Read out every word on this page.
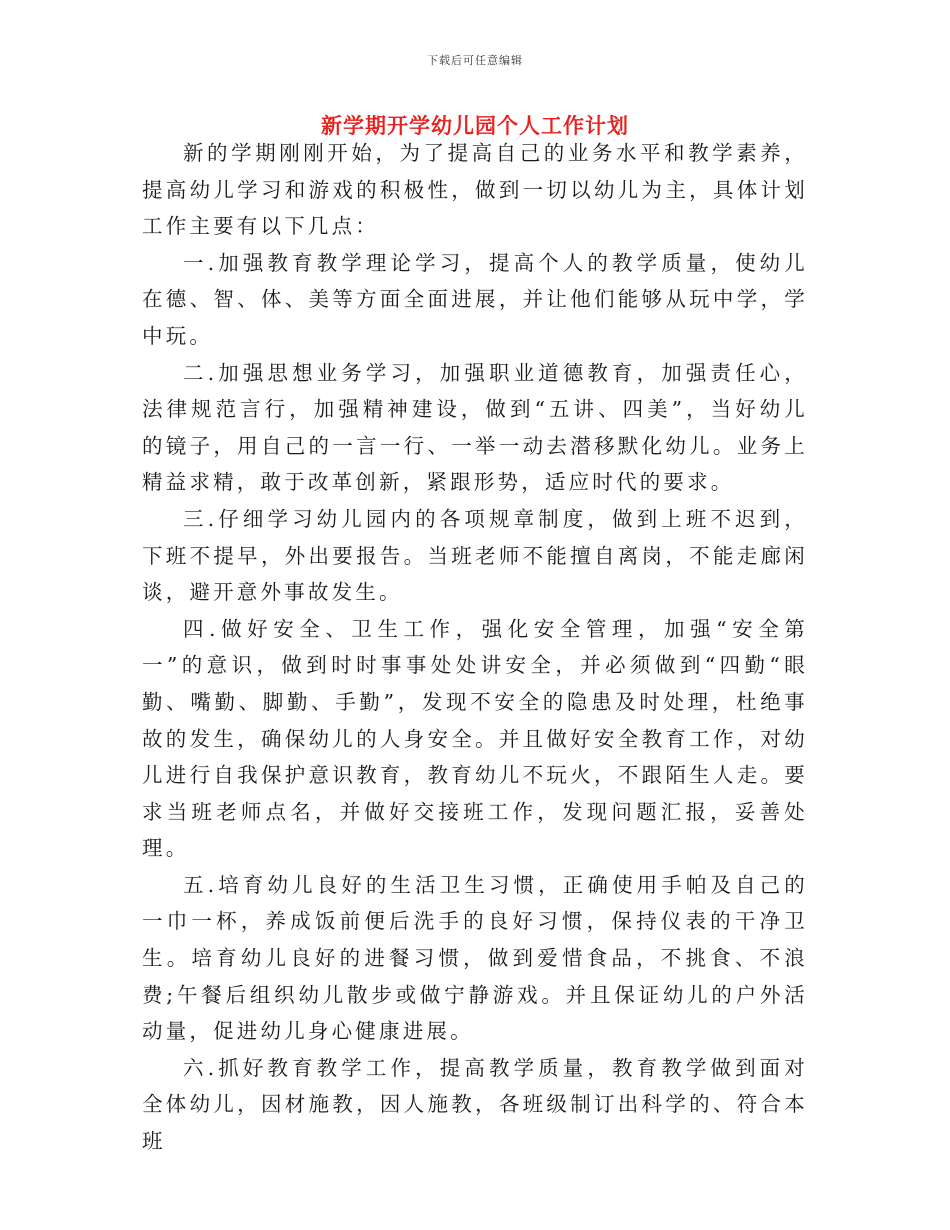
下载后可任意编辑
新学期开学幼儿园个人工作计划

新的学期刚刚开始，为了提高自己的业务水平和教学素养，提高幼儿学习和游戏的积极性，做到一切以幼儿为主，具体计划工作主要有以下几点：

一.加强教育教学理论学习，提高个人的教学质量，使幼儿在德、智、体、美等方面全面进展，并让他们能够从玩中学，学中玩。

二.加强思想业务学习，加强职业道德教育，加强责任心，法律规范言行，加强精神建设，做到“五讲、四美”，当好幼儿的镜子，用自己的一言一行、一举一动去潜移默化幼儿。业务上精益求精，敢于改革创新，紧跟形势，适应时代的要求。

三.仔细学习幼儿园内的各项规章制度，做到上班不迟到，下班不提早，外出要报告。当班老师不能擅自离岗，不能走廊闲谈，避开意外事故发生。

四.做好安全、卫生工作，强化安全管理，加强“安全第一”的意识，做到时时事事处处讲安全，并必须做到“四勤“眼勤、嘴勤、脚勤、手勤”，发现不安全的隐患及时处理，杜绝事故的发生，确保幼儿的人身安全。并且做好安全教育工作，对幼儿进行自我保护意识教育，教育幼儿不玩火，不跟陌生人走。要求当班老师点名，并做好交接班工作，发现问题汇报，妥善处理。

五.培育幼儿良好的生活卫生习惯，正确使用手帕及自己的一巾一杯，养成饭前便后洗手的良好习惯，保持仪表的干净卫生。培育幼儿良好的进餐习惯，做到爱惜食品，不挑食、不浪费;午餐后组织幼儿散步或做宁静游戏。并且保证幼儿的户外活动量，促进幼儿身心健康进展。

六.抓好教育教学工作，提高教学质量，教育教学做到面对全体幼儿，因材施教，因人施教，各班级制订出科学的、符合本班
